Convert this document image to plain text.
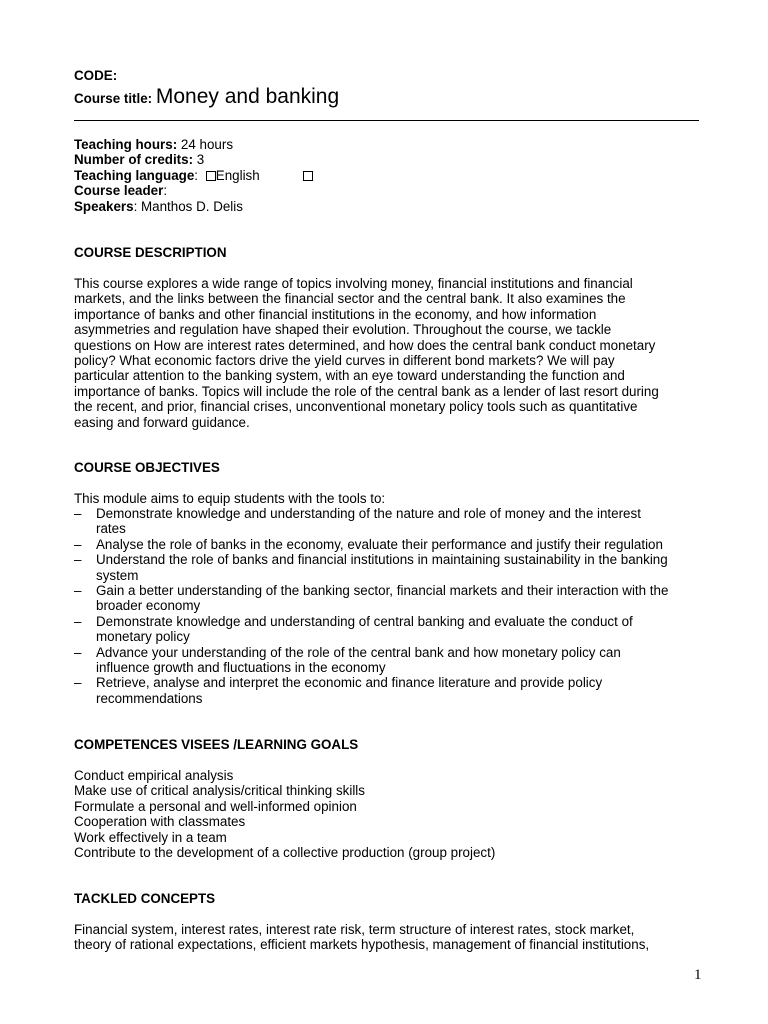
CODE:
Course title: Money and banking
Teaching hours: 24 hours
Number of credits: 3
Teaching language: English
Course leader:
Speakers: Manthos D. Delis
COURSE DESCRIPTION
This course explores a wide range of topics involving money, financial institutions and financial
markets, and the links between the financial sector and the central bank. It also examines the
importance of banks and other financial institutions in the economy, and how information
asymmetries and regulation have shaped their evolution. Throughout the course, we tackle
questions on How are interest rates determined, and how does the central bank conduct monetary
policy? What economic factors drive the yield curves in different bond markets? We will pay
particular attention to the banking system, with an eye toward understanding the function and
importance of banks. Topics will include the role of the central bank as a lender of last resort during
the recent, and prior, financial crises, unconventional monetary policy tools such as quantitative
easing and forward guidance.
COURSE OBJECTIVES
This module aims to equip students with the tools to:
– Demonstrate knowledge and understanding of the nature and role of money and the interest
rates
– Analyse the role of banks in the economy, evaluate their performance and justify their regulation
– Understand the role of banks and financial institutions in maintaining sustainability in the banking
system
– Gain a better understanding of the banking sector, financial markets and their interaction with the
broader economy
– Demonstrate knowledge and understanding of central banking and evaluate the conduct of
monetary policy
– Advance your understanding of the role of the central bank and how monetary policy can
influence growth and fluctuations in the economy
– Retrieve, analyse and interpret the economic and finance literature and provide policy
recommendations
COMPETENCES VISEES /LEARNING GOALS
Conduct empirical analysis
Make use of critical analysis/critical thinking skills
Formulate a personal and well-informed opinion
Cooperation with classmates
Work effectively in a team
Contribute to the development of a collective production (group project)
TACKLED CONCEPTS
Financial system, interest rates, interest rate risk, term structure of interest rates, stock market,
theory of rational expectations, efficient markets hypothesis, management of financial institutions,
1
